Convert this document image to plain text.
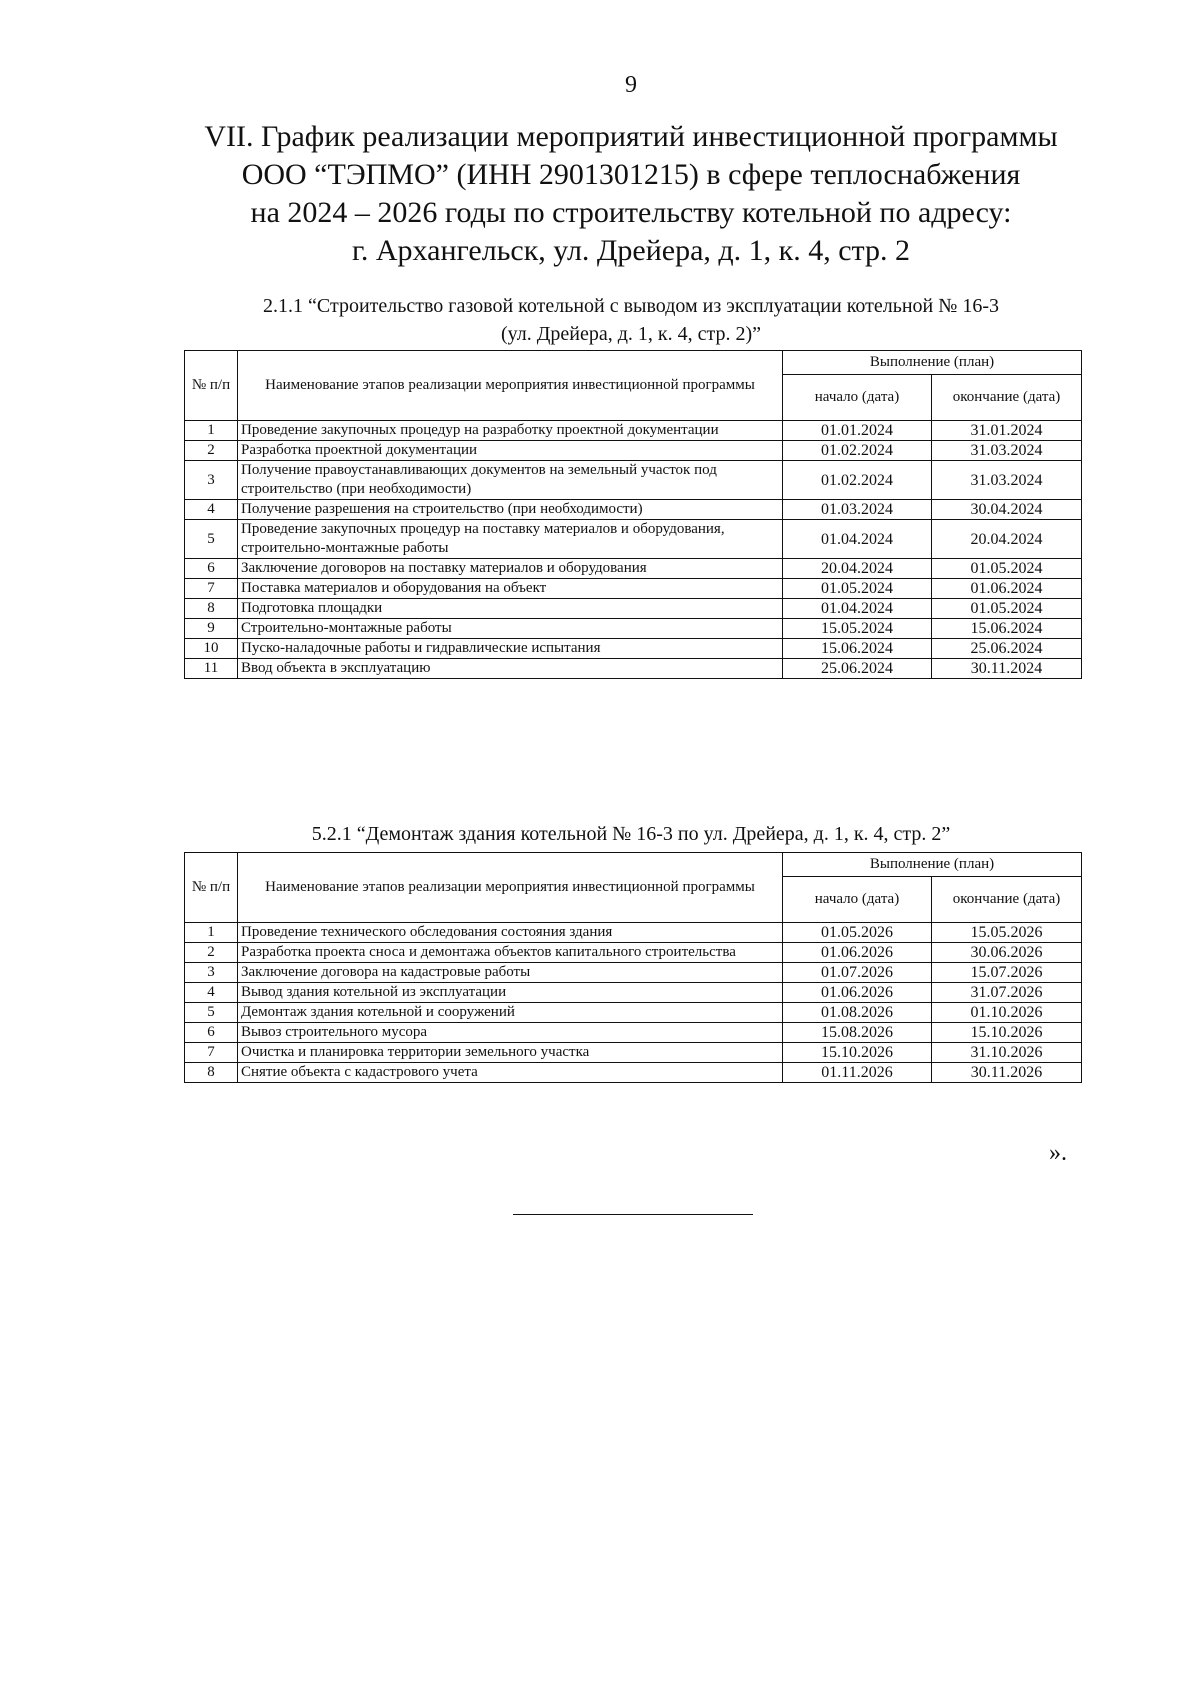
9
VII. График реализации мероприятий инвестиционной программы
ООО “ТЭПМО” (ИНН 2901301215) в сфере теплоснабжения
на 2024 – 2026 годы по строительству котельной по адресу:
г. Архангельск, ул. Дрейера, д. 1, к. 4, стр. 2
2.1.1 “Строительство газовой котельной с выводом из эксплуатации котельной № 16-3
(ул. Дрейера, д. 1, к. 4, стр. 2)”
№ п/п	Наименование этапов реализации мероприятия инвестиционной программы	Выполнение (план)	
		начало (дата)	окончание (дата)
1	Проведение закупочных процедур на разработку проектной документации	01.01.2024	31.01.2024
2	Разработка проектной документации	01.02.2024	31.03.2024
3	Получение правоустанавливающих документов на земельный участок под строительство (при необходимости)	01.02.2024	31.03.2024
4	Получение разрешения на строительство (при необходимости)	01.03.2024	30.04.2024
5	Проведение закупочных процедур на поставку материалов и оборудования, строительно-монтажные работы	01.04.2024	20.04.2024
6	Заключение договоров на поставку материалов и оборудования	20.04.2024	01.05.2024
7	Поставка материалов и оборудования на объект	01.05.2024	01.06.2024
8	Подготовка площадки	01.04.2024	01.05.2024
9	Строительно-монтажные работы	15.05.2024	15.06.2024
10	Пуско-наладочные работы и гидравлические испытания	15.06.2024	25.06.2024
11	Ввод объекта в эксплуатацию	25.06.2024	30.11.2024
5.2.1 “Демонтаж здания котельной № 16-3 по ул. Дрейера, д. 1, к. 4, стр. 2”
№ п/п	Наименование этапов реализации мероприятия инвестиционной программы	Выполнение (план)	
		начало (дата)	окончание (дата)
1	Проведение технического обследования состояния здания	01.05.2026	15.05.2026
2	Разработка проекта сноса и демонтажа объектов капитального строительства	01.06.2026	30.06.2026
3	Заключение договора на кадастровые работы	01.07.2026	15.07.2026
4	Вывод здания котельной из эксплуатации	01.06.2026	31.07.2026
5	Демонтаж здания котельной и сооружений	01.08.2026	01.10.2026
6	Вывоз строительного мусора	15.08.2026	15.10.2026
7	Очистка и планировка территории земельного участка	15.10.2026	31.10.2026
8	Снятие объекта с кадастрового учета	01.11.2026	30.11.2026
».
